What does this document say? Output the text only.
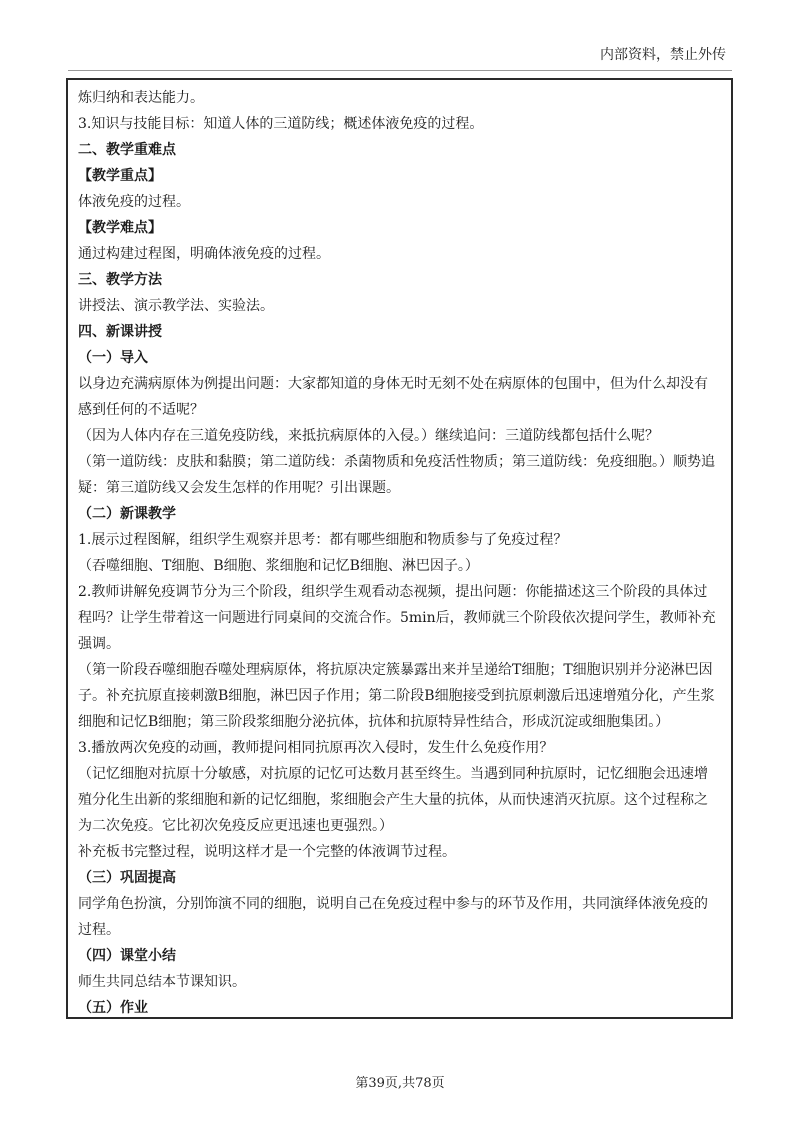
内部资料，禁止外传

炼归纳和表达能力。

3.知识与技能目标：知道人体的三道防线；概述体液免疫的过程。

二、教学重难点

【教学重点】

体液免疫的过程。

【教学难点】

通过构建过程图，明确体液免疫的过程。

三、教学方法

讲授法、演示教学法、实验法。

四、新课讲授

（一）导入

以身边充满病原体为例提出问题：大家都知道的身体无时无刻不处在病原体的包围中，但为什么却没有感到任何的不适呢？

（因为人体内存在三道免疫防线，来抵抗病原体的入侵。）继续追问：三道防线都包括什么呢？

（第一道防线：皮肤和黏膜；第二道防线：杀菌物质和免疫活性物质；第三道防线：免疫细胞。）顺势追疑：第三道防线又会发生怎样的作用呢？引出课题。

（二）新课教学

1.展示过程图解，组织学生观察并思考：都有哪些细胞和物质参与了免疫过程？

（吞噬细胞、T细胞、B细胞、浆细胞和记忆B细胞、淋巴因子。）

2.教师讲解免疫调节分为三个阶段，组织学生观看动态视频，提出问题：你能描述这三个阶段的具体过程吗？让学生带着这一问题进行同桌间的交流合作。5min后，教师就三个阶段依次提问学生，教师补充强调。

（第一阶段吞噬细胞吞噬处理病原体，将抗原决定簇暴露出来并呈递给T细胞；T细胞识别并分泌淋巴因子。补充抗原直接刺激B细胞，淋巴因子作用；第二阶段B细胞接受到抗原刺激后迅速增殖分化，产生浆细胞和记忆B细胞；第三阶段浆细胞分泌抗体，抗体和抗原特异性结合，形成沉淀或细胞集团。）

3.播放两次免疫的动画，教师提问相同抗原再次入侵时，发生什么免疫作用？

（记忆细胞对抗原十分敏感，对抗原的记忆可达数月甚至终生。当遇到同种抗原时，记忆细胞会迅速增殖分化生出新的浆细胞和新的记忆细胞，浆细胞会产生大量的抗体，从而快速消灭抗原。这个过程称之为二次免疫。它比初次免疫反应更迅速也更强烈。）

补充板书完整过程，说明这样才是一个完整的体液调节过程。

（三）巩固提高

同学角色扮演，分别饰演不同的细胞，说明自己在免疫过程中参与的环节及作用，共同演绎体液免疫的过程。

（四）课堂小结

师生共同总结本节课知识。

（五）作业

第39页,共78页
